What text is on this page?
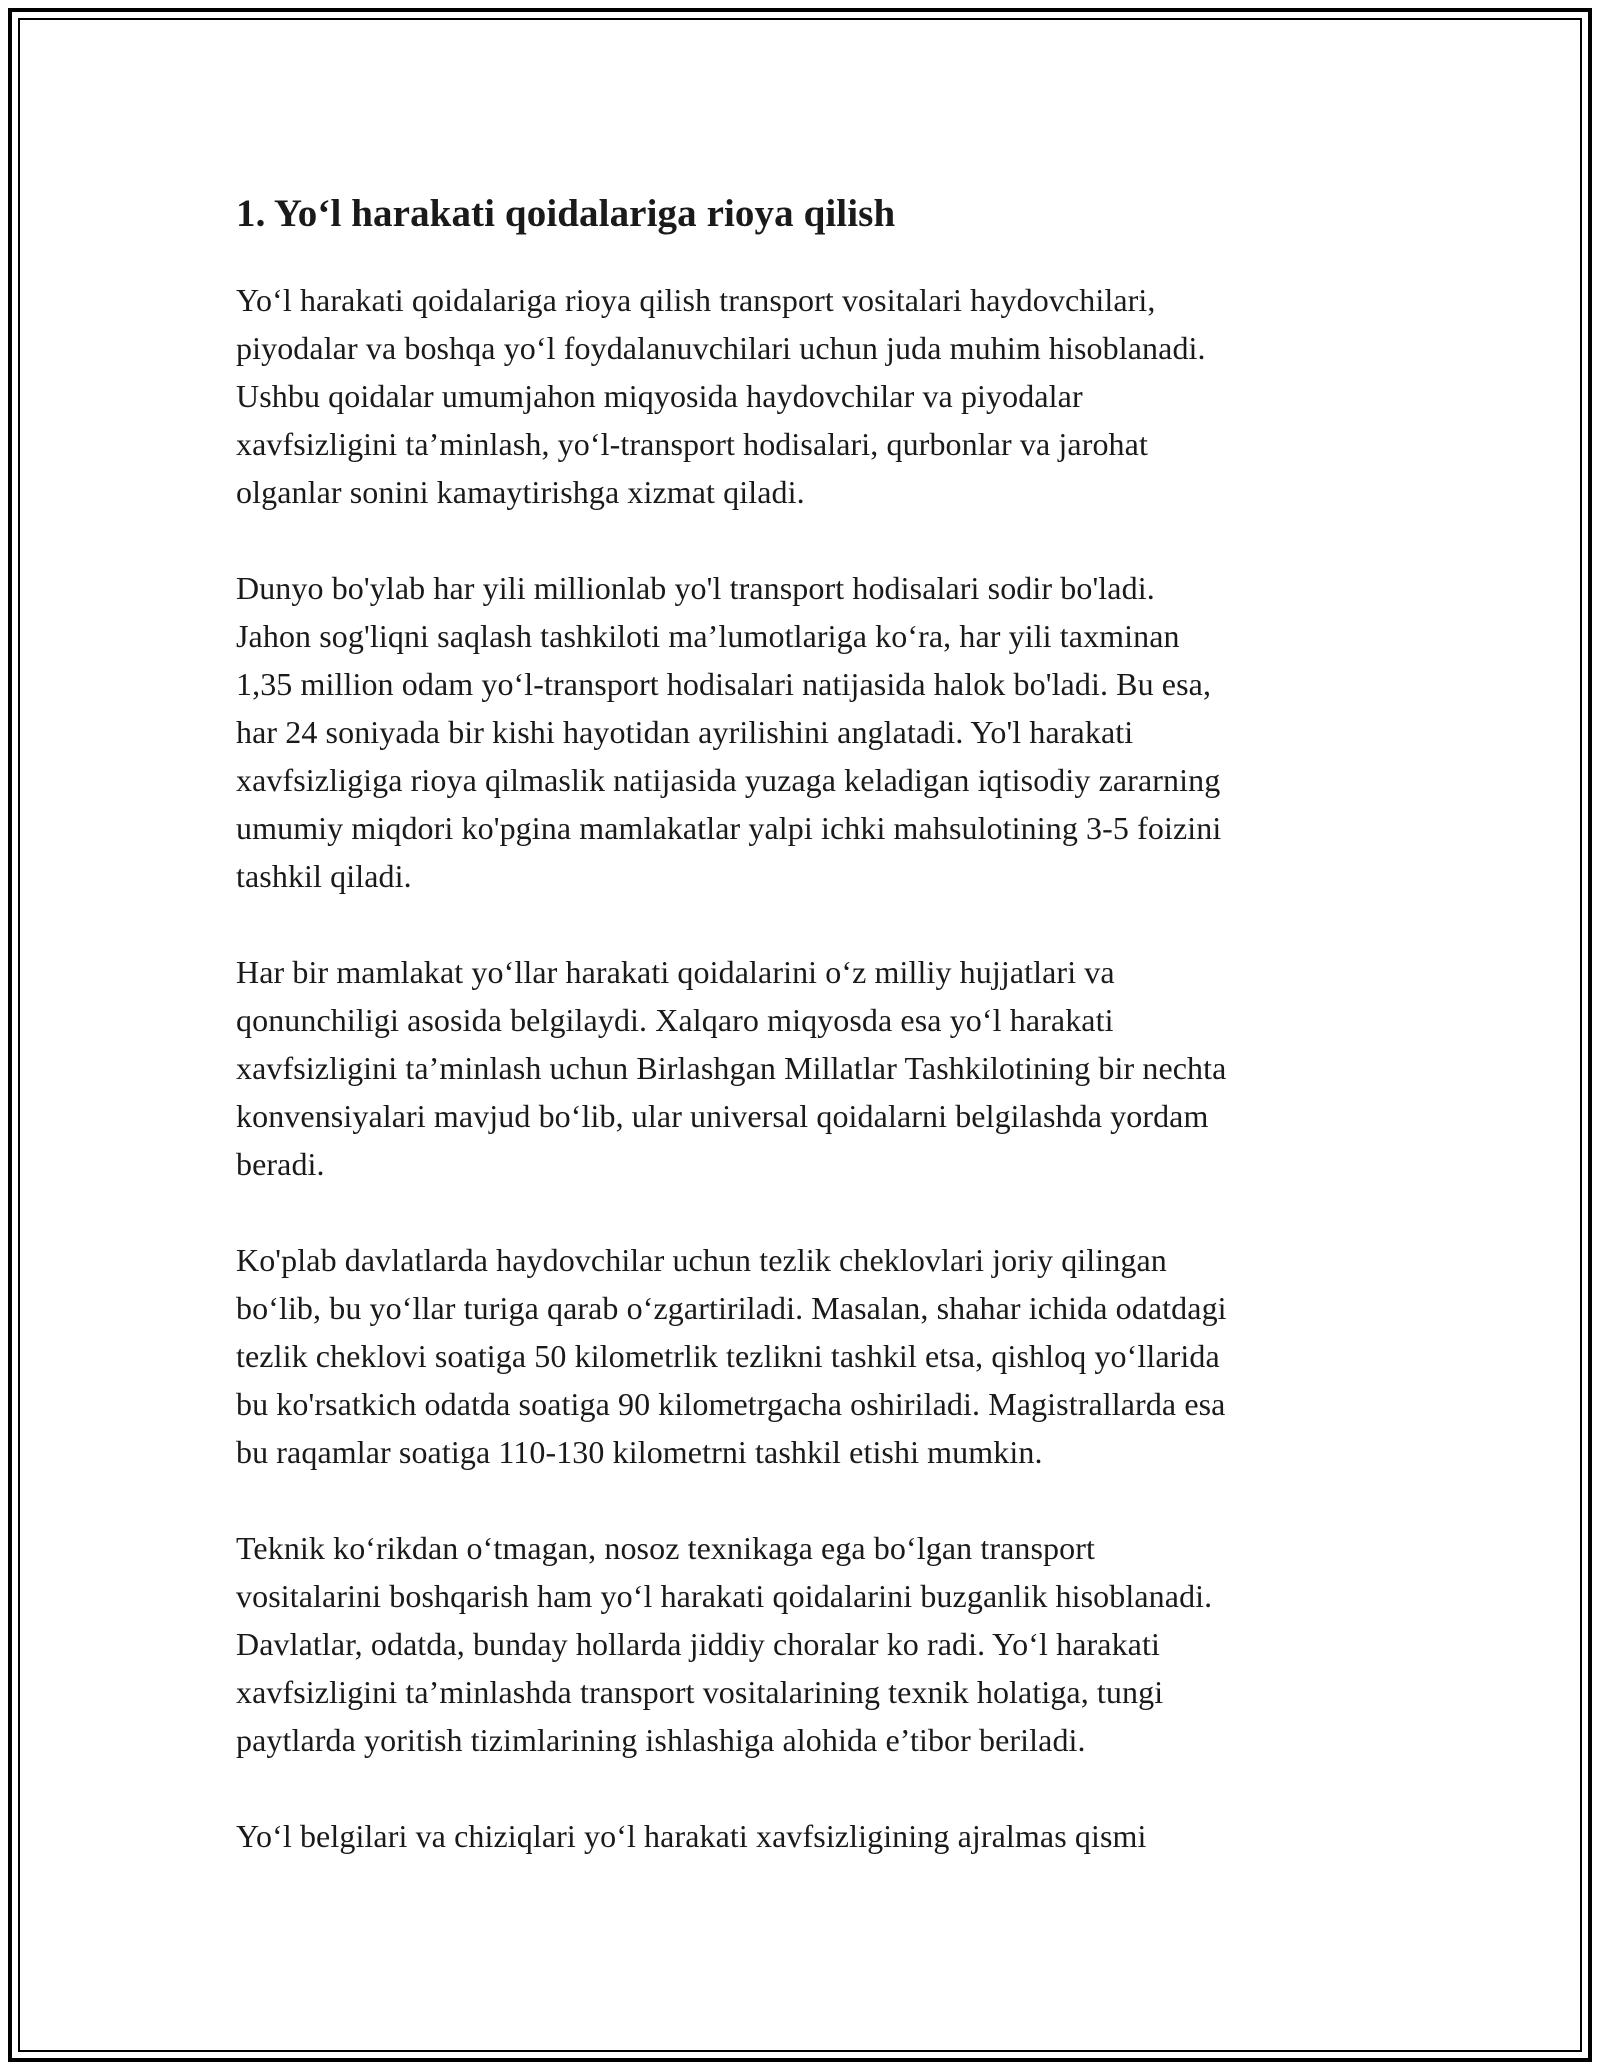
1. Yo‘l harakati qoidalariga rioya qilish

Yo‘l harakati qoidalariga rioya qilish transport vositalari haydovchilari,
piyodalar va boshqa yo‘l foydalanuvchilari uchun juda muhim hisoblanadi.
Ushbu qoidalar umumjahon miqyosida haydovchilar va piyodalar
xavfsizligini ta’minlash, yo‘l-transport hodisalari, qurbonlar va jarohat
olganlar sonini kamaytirishga xizmat qiladi.

Dunyo bo'ylab har yili millionlab yo'l transport hodisalari sodir bo'ladi.
Jahon sog'liqni saqlash tashkiloti ma’lumotlariga ko‘ra, har yili taxminan
1,35 million odam yo‘l-transport hodisalari natijasida halok bo'ladi. Bu esa,
har 24 soniyada bir kishi hayotidan ayrilishini anglatadi. Yo'l harakati
xavfsizligiga rioya qilmaslik natijasida yuzaga keladigan iqtisodiy zararning
umumiy miqdori ko'pgina mamlakatlar yalpi ichki mahsulotining 3-5 foizini
tashkil qiladi.

Har bir mamlakat yo‘llar harakati qoidalarini o‘z milliy hujjatlari va
qonunchiligi asosida belgilaydi. Xalqaro miqyosda esa yo‘l harakati
xavfsizligini ta’minlash uchun Birlashgan Millatlar Tashkilotining bir nechta
konvensiyalari mavjud bo‘lib, ular universal qoidalarni belgilashda yordam
beradi.

Ko'plab davlatlarda haydovchilar uchun tezlik cheklovlari joriy qilingan
bo‘lib, bu yo‘llar turiga qarab o‘zgartiriladi. Masalan, shahar ichida odatdagi
tezlik cheklovi soatiga 50 kilometrlik tezlikni tashkil etsa, qishloq yo‘llarida
bu ko'rsatkich odatda soatiga 90 kilometrgacha oshiriladi. Magistrallarda esa
bu raqamlar soatiga 110-130 kilometrni tashkil etishi mumkin.

Teknik ko‘rikdan o‘tmagan, nosoz texnikaga ega bo‘lgan transport
vositalarini boshqarish ham yo‘l harakati qoidalarini buzganlik hisoblanadi.
Davlatlar, odatda, bunday hollarda jiddiy choralar ko radi. Yo‘l harakati
xavfsizligini ta’minlashda transport vositalarining texnik holatiga, tungi
paytlarda yoritish tizimlarining ishlashiga alohida e’tibor beriladi.

Yo‘l belgilari va chiziqlari yo‘l harakati xavfsizligining ajralmas qismi
